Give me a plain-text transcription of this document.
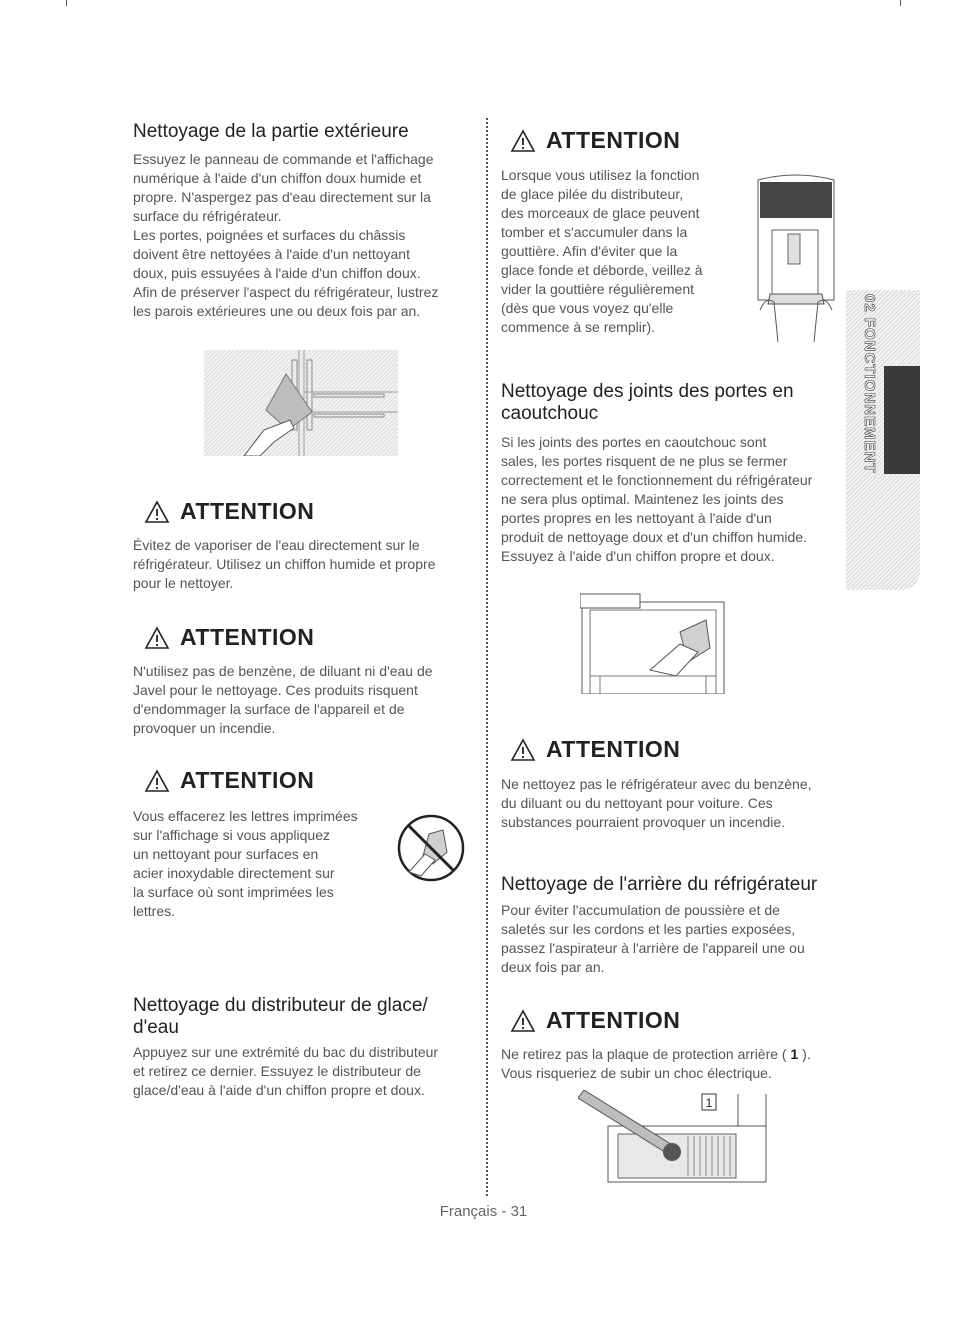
Nettoyage de la partie extérieure
Essuyez le panneau de commande et l'affichage
numérique à l'aide d'un chiffon doux humide et
propre. N'aspergez pas d'eau directement sur la
surface du réfrigérateur.
Les portes, poignées et surfaces du châssis
doivent être nettoyées à l'aide d'un nettoyant
doux, puis essuyées à l'aide d'un chiffon doux.
Afin de préserver l'aspect du réfrigérateur, lustrez
les parois extérieures une ou deux fois par an.
ATTENTION
Évitez de vaporiser de l'eau directement sur le
réfrigérateur. Utilisez un chiffon humide et propre
pour le nettoyer.
ATTENTION
N'utilisez pas de benzène, de diluant ni d'eau de
Javel pour le nettoyage. Ces produits risquent
d'endommager la surface de l'appareil et de
provoquer un incendie.
ATTENTION
Vous effacerez les lettres imprimées
sur l'affichage si vous appliquez
un nettoyant pour surfaces en
acier inoxydable directement sur
la surface où sont imprimées les
lettres.
Nettoyage du distributeur de glace/
d'eau
Appuyez sur une extrémité du bac du distributeur
et retirez ce dernier. Essuyez le distributeur de
glace/d'eau à l'aide d'un chiffon propre et doux.
ATTENTION
Lorsque vous utilisez la fonction
de glace pilée du distributeur,
des morceaux de glace peuvent
tomber et s'accumuler dans la
gouttière. Afin d'éviter que la
glace fonde et déborde, veillez à
vider la gouttière régulièrement
(dès que vous voyez qu'elle
commence à se remplir).
Nettoyage des joints des portes en
caoutchouc
Si les joints des portes en caoutchouc sont
sales, les portes risquent de ne plus se fermer
correctement et le fonctionnement du réfrigérateur
ne sera plus optimal. Maintenez les joints des
portes propres en les nettoyant à l'aide d'un
produit de nettoyage doux et d'un chiffon humide.
Essuyez à l'aide d'un chiffon propre et doux.
ATTENTION
Ne nettoyez pas le réfrigérateur avec du benzène,
du diluant ou du nettoyant pour voiture. Ces
substances pourraient provoquer un incendie.
Nettoyage de l'arrière du réfrigérateur
Pour éviter l'accumulation de poussière et de
saletés sur les cordons et les parties exposées,
passez l'aspirateur à l'arrière de l'appareil une ou
deux fois par an.
ATTENTION
Ne retirez pas la plaque de protection arrière ( 1 ).
Vous risqueriez de subir un choc électrique.
1
02 FONCTIONNEMENT
Français - 31
